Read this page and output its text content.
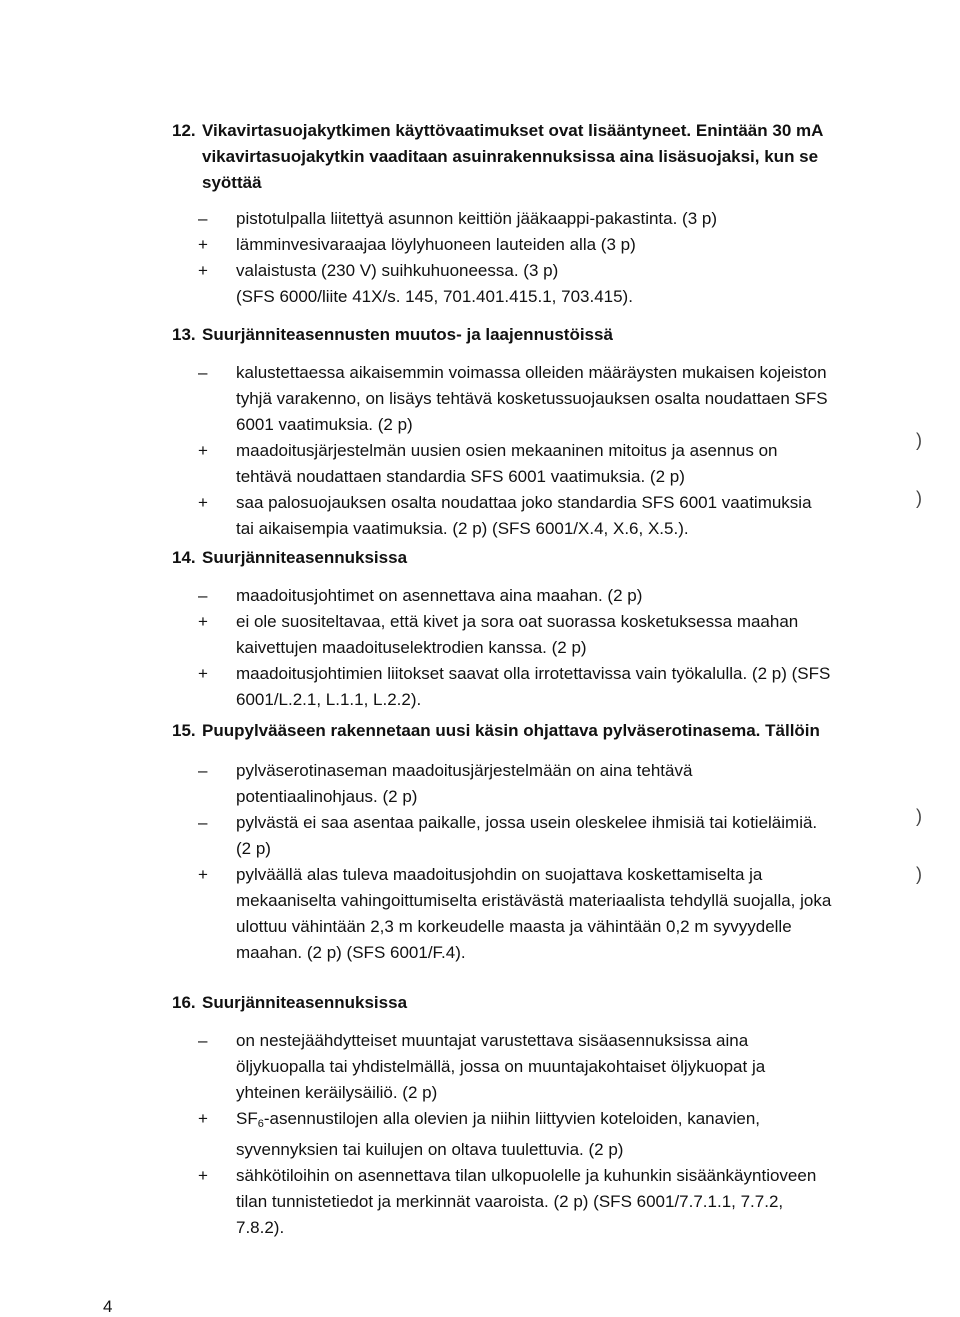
12. Vikavirtasuojakytkimen käyttövaatimukset ovat lisääntyneet. Enintään 30 mA vikavirtasuojakytkin vaaditaan asuinrakennuksissa aina lisäsuojaksi, kun se syöttää
–	pistotulpalla liitettyä asunnon keittiön jääkaappi-pakastinta. (3 p)
+	lämminvesivaraajaa löylyhuoneen lauteiden alla (3 p)
+	valaistusta (230 V) suihkuhuoneessa. (3 p)
(SFS 6000/liite 41X/s. 145, 701.401.415.1, 703.415).
13. Suurjänniteasennusten muutos- ja laajennustöissä
–	kalustettaessa aikaisemmin voimassa olleiden määräysten mukaisen kojeiston tyhjä varakenno, on lisäys tehtävä kosketussuojauksen osalta noudattaen SFS 6001 vaatimuksia. (2 p)
+	maadoitusjärjestelmän uusien osien mekaaninen mitoitus ja asennus on tehtävä noudattaen standardia SFS 6001 vaatimuksia. (2 p)
+	saa palosuojauksen osalta noudattaa joko standardia SFS 6001 vaatimuksia tai aikaisempia vaatimuksia. (2 p) (SFS 6001/X.4, X.6, X.5.).
14. Suurjänniteasennuksissa
–	maadoitusjohtimet on asennettava aina maahan. (2 p)
+	ei ole suositeltavaa, että kivet ja sora oat suorassa kosketuksessa maahan kaivettujen maadoituselektrodien kanssa. (2 p)
+	maadoitusjohtimien liitokset saavat olla irrotettavissa vain työkalulla. (2 p) (SFS 6001/L.2.1, L.1.1, L.2.2).
15. Puupylvääseen rakennetaan uusi käsin ohjattava pylväserotinasema. Tällöin
–	pylväserotinaseman maadoitusjärjestelmään on aina tehtävä potentiaalinohjaus. (2 p)
–	pylvästä ei saa asentaa paikalle, jossa usein oleskelee ihmisiä tai kotieläimiä. (2 p)
+	pylväällä alas tuleva maadoitusjohdin on suojattava koskettamiselta ja mekaaniselta vahingoittumiselta eristävästä materiaalista tehdyllä suojalla, joka ulottuu vähintään 2,3 m korkeudelle maasta ja vähintään 0,2 m syvyydelle maahan. (2 p) (SFS 6001/F.4).
16. Suurjänniteasennuksissa
–	on nestejäähdytteiset muuntajat varustettava sisäasennuksissa aina öljykuopalla tai yhdistelmällä, jossa on muuntajakohtaiset öljykuopat ja yhteinen keräilysäiliö. (2 p)
+	$SF_6$-asennustilojen alla olevien ja niihin liittyvien koteloiden, kanavien, syvennyksien tai kuilujen on oltava tuulettuvia. (2 p)
+	sähkötiloihin on asennettava tilan ulkopuolelle ja kuhunkin sisäänkäyntioveen tilan tunnistetiedot ja merkinnät vaaroista. (2 p) (SFS 6001/7.7.1.1, 7.7.2, 7.8.2).
)
)
)
)
4
